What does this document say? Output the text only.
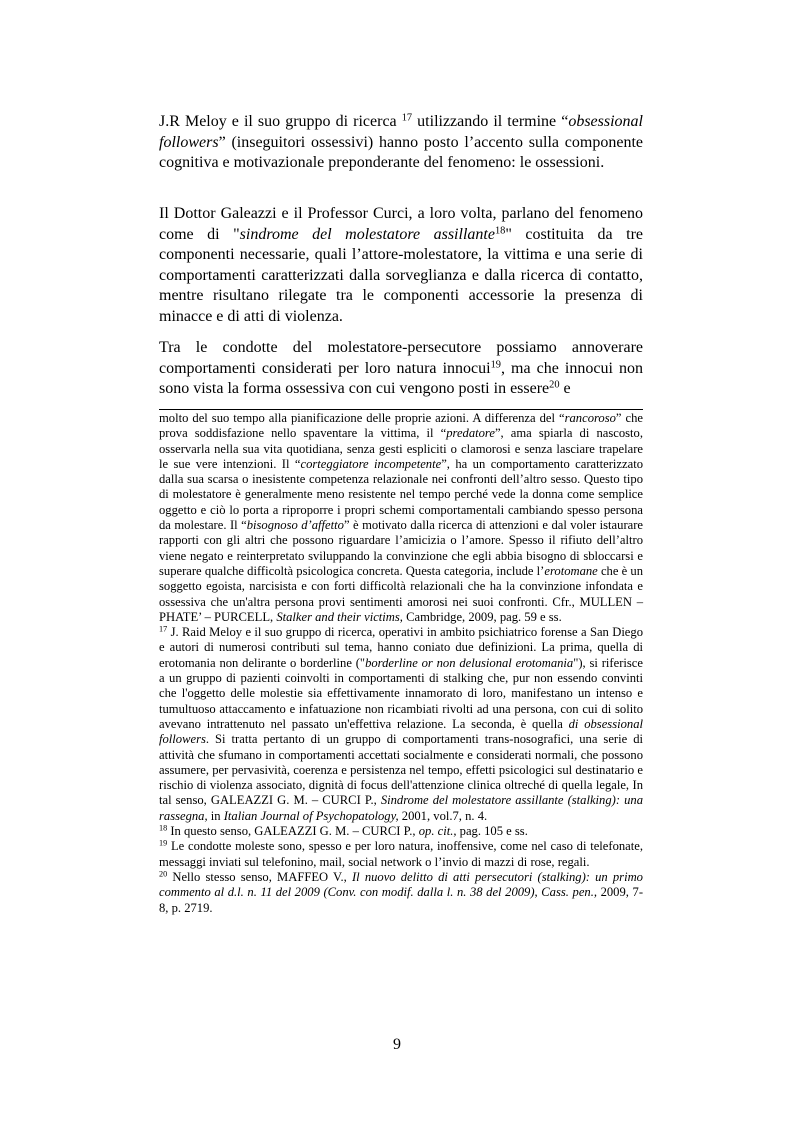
J.R Meloy e il suo gruppo di ricerca $^{17}$ utilizzando il termine “obsessional followers” (inseguitori ossessivi) hanno posto l’accento sulla componente cognitiva e motivazionale preponderante del fenomeno: le ossessioni.

Il Dottor Galeazzi e il Professor Curci, a loro volta, parlano del fenomeno come di "sindrome del molestatore assillante$^{18}$" costituita da tre componenti necessarie, quali l’attore-molestatore, la vittima e una serie di comportamenti caratterizzati dalla sorveglianza e dalla ricerca di contatto, mentre risultano rilegate tra le componenti accessorie la presenza di minacce e di atti di violenza.

Tra le condotte del molestatore-persecutore possiamo annoverare comportamenti considerati per loro natura innocui$^{19}$, ma che innocui non sono vista la forma ossessiva con cui vengono posti in essere$^{20}$ e

molto del suo tempo alla pianificazione delle proprie azioni. A differenza del “rancoroso” che prova soddisfazione nello spaventare la vittima, il “predatore”, ama spiarla di nascosto, osservarla nella sua vita quotidiana, senza gesti espliciti o clamorosi e senza lasciare trapelare le sue vere intenzioni. Il “corteggiatore incompetente”, ha un comportamento caratterizzato dalla sua scarsa o inesistente competenza relazionale nei confronti dell’altro sesso. Questo tipo di molestatore è generalmente meno resistente nel tempo perché vede la donna come semplice oggetto e ciò lo porta a riproporre i propri schemi comportamentali cambiando spesso persona da molestare. Il “bisognoso d’affetto” è motivato dalla ricerca di attenzioni e dal voler istaurare rapporti con gli altri che possono riguardare l’amicizia o l’amore. Spesso il rifiuto dell’altro viene negato e reinterpretato sviluppando la convinzione che egli abbia bisogno di sbloccarsi e superare qualche difficoltà psicologica concreta. Questa categoria, include l’erotomane che è un soggetto egoista, narcisista e con forti difficoltà relazionali che ha la convinzione infondata e ossessiva che un'altra persona provi sentimenti amorosi nei suoi confronti. Cfr., MULLEN – PHATE’ – PURCELL, Stalker and their victims, Cambridge, 2009, pag. 59 e ss.

$^{17}$ J. Raid Meloy e il suo gruppo di ricerca, operativi in ambito psichiatrico forense a San Diego e autori di numerosi contributi sul tema, hanno coniato due definizioni. La prima, quella di erotomania non delirante o borderline ("borderline or non delusional erotomania"), si riferisce a un gruppo di pazienti coinvolti in comportamenti di stalking che, pur non essendo convinti che l'oggetto delle molestie sia effettivamente innamorato di loro, manifestano un intenso e tumultuoso attaccamento e infatuazione non ricambiati rivolti ad una persona, con cui di solito avevano intrattenuto nel passato un'effettiva relazione. La seconda, è quella di obsessional followers. Si tratta pertanto di un gruppo di comportamenti trans-nosografici, una serie di attività che sfumano in comportamenti accettati socialmente e considerati normali, che possono assumere, per pervasività, coerenza e persistenza nel tempo, effetti psicologici sul destinatario e rischio di violenza associato, dignità di focus dell'attenzione clinica oltreché di quella legale, In tal senso, GALEAZZI G. M. – CURCI P., Sindrome del molestatore assillante (stalking): una rassegna, in Italian Journal of Psychopatology, 2001, vol.7, n. 4.

$^{18}$ In questo senso, GALEAZZI G. M. – CURCI P., op. cit., pag. 105 e ss.

$^{19}$ Le condotte moleste sono, spesso e per loro natura, inoffensive, come nel caso di telefonate, messaggi inviati sul telefonino, mail, social network o l’invio di mazzi di rose, regali.

$^{20}$ Nello stesso senso, MAFFEO V., Il nuovo delitto di atti persecutori (stalking): un primo commento al d.l. n. 11 del 2009 (Conv. con modif. dalla l. n. 38 del 2009), Cass. pen., 2009, 7-8, p. 2719.

9
